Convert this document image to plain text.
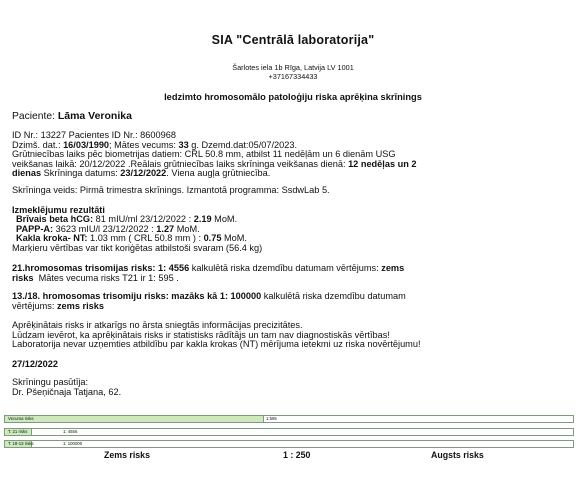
SIA "Centrālā laboratorija"
Šarlotes iela 1b Rīga, Latvija LV 1001
+37167334433
Iedzimto hromosomālo patoloģiju riska aprēķina skrīnings
Paciente: Lāma Veronika
ID Nr.: 13227 Pacientes ID Nr.: 8600968
Dzimš. dat.: 16/03/1990; Mātes vecums: 33 g. Dzemd.dat:05/07/2023.
Grūtniecības laiks pēc biometrijas datiem: CRL 50.8 mm, atbilst 11 nedēļām un 6 dienām USG
veikšanas laikā: 20/12/2022 .Reālais grūtniecības laiks skrīninga veikšanas dienā: 12 nedēļas un 2
dienas Skrīninga datums: 23/12/2022. Viena augļa grūtniecība.
Skrīninga veids: Pirmā trimestra skrīnings. Izmantotā programma: SsdwLab 5.
Izmeklējumu rezultāti
Brīvais beta hCG: 81 mIU/ml 23/12/2022 : 2.19 MoM.
PAPP-A: 3623 mIU/l 23/12/2022 : 1.27 MoM.
Kakla kroka- NT: 1.03 mm ( CRL 50.8 mm ) : 0.75 MoM.
Marķieru vērtības var tikt koriģētas atbilstoši svaram (56.4 kg)
21.hromosomas trisomijas risks: 1: 4556 kalkulētā riska dzemdību datumam vērtējums: zems
risks Mātes vecuma risks T21 ir 1: 595 .
13./18. hromosomas trisomiju risks: mazāks kā 1: 100000 kalkulētā riska dzemdību datumam
vērtējums: zems risks
Aprēķinātais risks ir atkarīgs no ārsta sniegtās informācijas precizitātes.
Lūdzam ievērot, ka aprēķinātais risks ir statistisks rādītājs un tam nav diagnostiskās vērtības!
Laboratorija nevar uzņemties atbildību par kakla krokas (NT) mērījuma ietekmi uz riska novērtējumu!
27/12/2022
Skrīningu pasūtīja:
Dr. Pšeņičnaja Tatjana, 62.
Vecuma risks	1:595
T. 21 risks	1: 4556
T. 18-13 risks	1: 100000
Zems risks	1 : 250	Augsts risks
